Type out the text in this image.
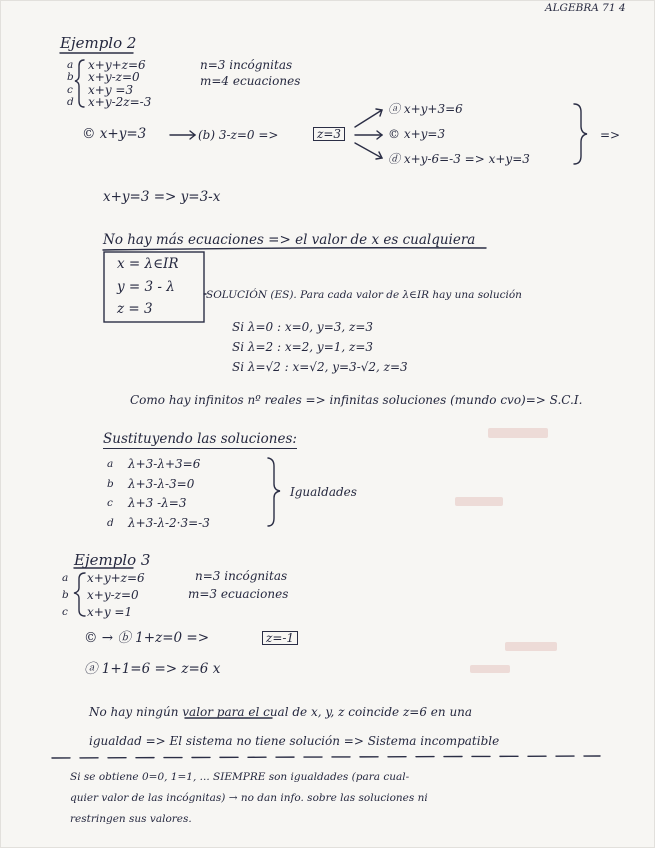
ALGEBRA 71 4
Ejemplo 2
a
b
c
d
x+y+z=6
x+y-z=0
x+y =3
x+y-2z=-3
n=3 incógnitas
m=4 ecuaciones
© x+y=3	(b) 3-z=0 =>	z=3
ⓐ x+y+3=6
© x+y=3
ⓓ x+y-6=-3 => x+y=3
=>
x+y=3 => y=3-x
No hay más ecuaciones => el valor de x es cualquiera
x = λ∈IR
y = 3 - λ
z = 3
SOLUCIÓN (ES). Para cada valor de λ∈IR hay una solución
Si λ=0 : x=0, y=3, z=3
Si λ=2 : x=2, y=1, z=3
Si λ=√2 : x=√2, y=3-√2, z=3
Como hay infinitos nº reales => infinitas soluciones (mundo cvo)=> S.C.I.
Sustituyendo las soluciones:
a
b
c
d
λ+3-λ+3=6
λ+3-λ-3=0
λ+3 -λ=3
λ+3-λ-2·3=-3
Igualdades
Ejemplo 3
a
b
c
x+y+z=6
x+y-z=0
x+y =1
n=3 incógnitas
m=3 ecuaciones
© → ⓑ 1+z=0 =>	z=-1
ⓐ 1+1=6 => z=6 x
No hay ningún valor para el cual de x, y, z coincide z=6 en una
igualdad => El sistema no tiene solución => Sistema incompatible
Si se obtiene 0=0, 1=1, ... SIEMPRE son igualdades (para cual-
quier valor de las incógnitas) → no dan info. sobre las soluciones ni
restringen sus valores.
